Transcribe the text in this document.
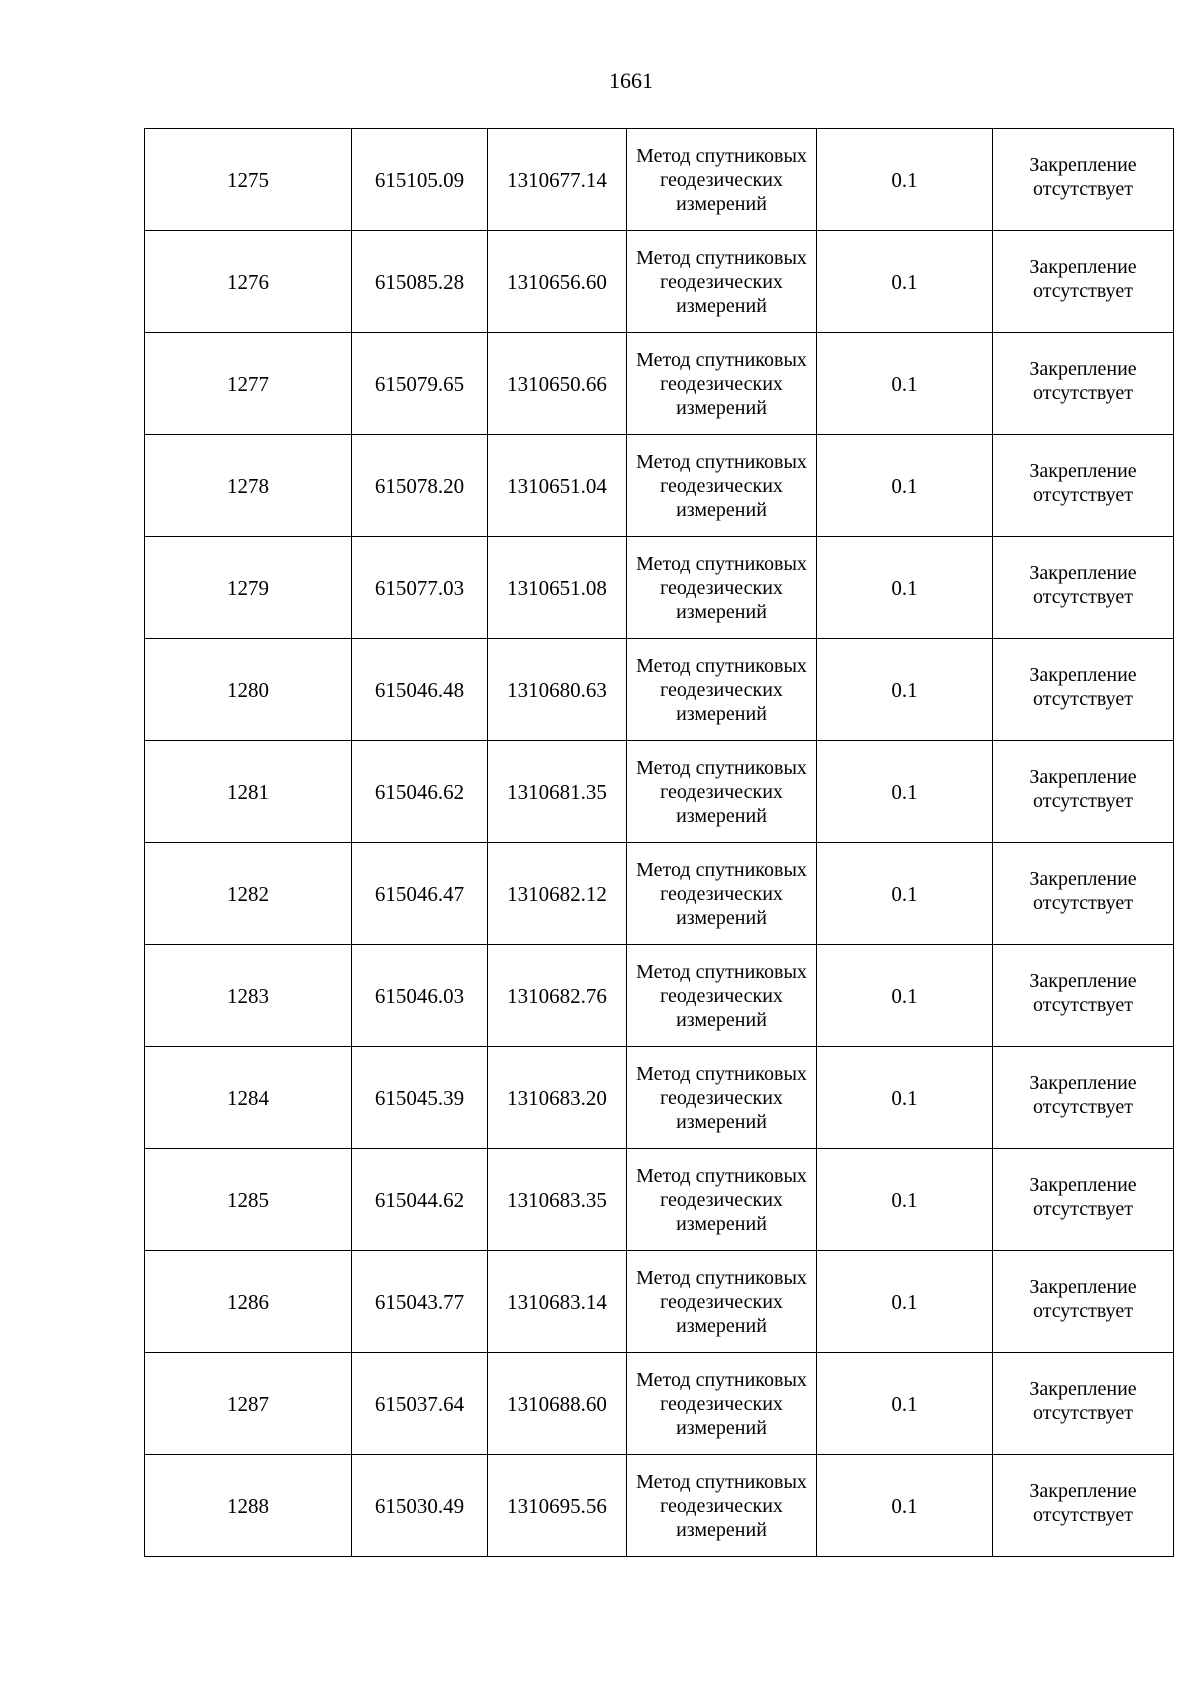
1661
1275	615105.09	1310677.14	Метод спутниковых геодезических измерений	0.1	Закрепление отсутствует
1276	615085.28	1310656.60	Метод спутниковых геодезических измерений	0.1	Закрепление отсутствует
1277	615079.65	1310650.66	Метод спутниковых геодезических измерений	0.1	Закрепление отсутствует
1278	615078.20	1310651.04	Метод спутниковых геодезических измерений	0.1	Закрепление отсутствует
1279	615077.03	1310651.08	Метод спутниковых геодезических измерений	0.1	Закрепление отсутствует
1280	615046.48	1310680.63	Метод спутниковых геодезических измерений	0.1	Закрепление отсутствует
1281	615046.62	1310681.35	Метод спутниковых геодезических измерений	0.1	Закрепление отсутствует
1282	615046.47	1310682.12	Метод спутниковых геодезических измерений	0.1	Закрепление отсутствует
1283	615046.03	1310682.76	Метод спутниковых геодезических измерений	0.1	Закрепление отсутствует
1284	615045.39	1310683.20	Метод спутниковых геодезических измерений	0.1	Закрепление отсутствует
1285	615044.62	1310683.35	Метод спутниковых геодезических измерений	0.1	Закрепление отсутствует
1286	615043.77	1310683.14	Метод спутниковых геодезических измерений	0.1	Закрепление отсутствует
1287	615037.64	1310688.60	Метод спутниковых геодезических измерений	0.1	Закрепление отсутствует
1288	615030.49	1310695.56	Метод спутниковых геодезических измерений	0.1	Закрепление отсутствует
